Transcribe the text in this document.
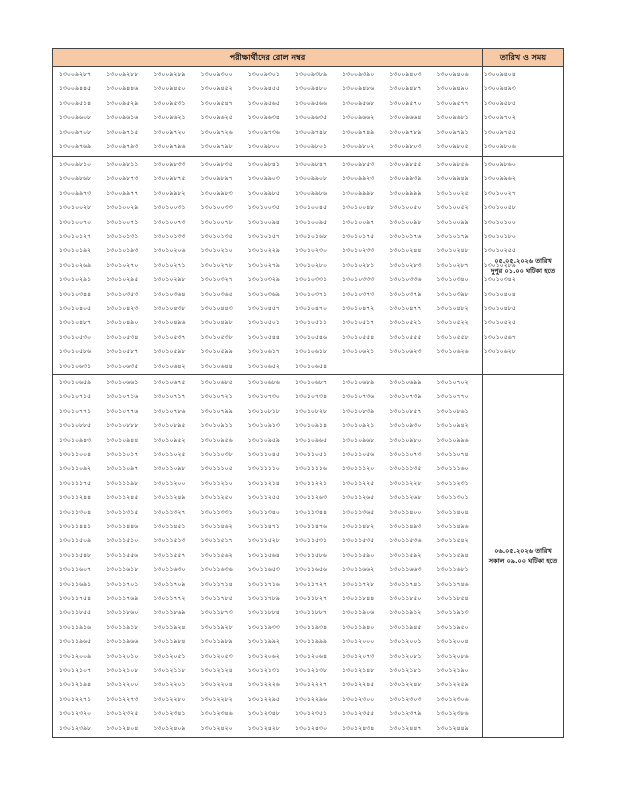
পরীক্ষার্থীদের রোল নম্বর	তারিখ ও সময়
১৩০০৯২৮৭	১৩০০৯২৮৮	১৩০০৯২৮৯	১৩০০৯৩০০	১৩০০৯৩০১	১৩০০৯৩৮৯	১৩০০৯৩৯০	১৩০০৯৪০৩	১৩০০৯৪০৬	১৩০০৯৪০৪
১৩০০৯৪৪৫	১৩০০৯৪৪৬	১৩০০৯৪৫০	১৩০০৯৪৫২	১৩০০৯৪৫৫	১৩০০৯৪৮০	১৩০০৯৪৮৬	১৩০০৯৪৮৭	১৩০০৯৪৯০	১৩০০৯৪৯৩
১৩০০৯৫১৪	১৩০০৯৫২৯	১৩০০৯৫৩১	১৩০০৯৫৪৭	১৩০০৯৫৬৫	১৩০০৯৫৬৬	১৩০০৯৫৬৮	১৩০০৯৫৭০	১৩০০৯৫৭৭	১৩০০৯৫৮৫
১৩০০৯৬০৮	১৩০০৯৬১৬	১৩০০৯৬২১	১৩০০৯৬২৫	১৩০০৯৬৩৪	১৩০০৯৬৩৫	১৩০০৯৬৬২	১৩০০৯৬৬৪	১৩০০৯৬৮১	১৩০০৯৭০২
১৩০০৯৭০৮	১৩০০৯৭১৫	১৩০০৯৭২০	১৩০০৯৭২৬	১৩০০৯৭৩৬	১৩০০৯৭৪৮	১৩০০৯৭৪৯	১৩০০৯৭৮৯	১৩০০৯৭৯১	১৩০০৯৭৫৫
১৩০০৯৭৬৯	১৩০০৯৭৯৩	১৩০০৯৭৯৬	১৩০০৯৭৯৮	১৩০০৯৮০০	১৩০০৯৮০১	১৩০০৯৮০২	১৩০০৯৮০৩	১৩০০৯৮০৫	১৩০০৯৮০৬
১৩০০৯৮১০	১৩০০৯৮১১	১৩০০৯৮৩৩	১৩০০৯৮৩৫	১৩০০৯৮৪১	১৩০০৯৮৪৭	১৩০০৯৮৫৩	১৩০০৯৮৫৫	১৩০০৯৮৫৬	১৩০০৯৮৬০
১৩০০৯৮৬৮	১৩০০৯৮৭৩	১৩০০৯৮৭৫	১৩০০৯৮৯৭	১৩০০৯৯০৩	১৩০০৯৯০৮	১৩০০৯৯২৩	১৩০০৯৯৩৯	১৩০০৯৯৪৯	১৩০০৯৯৬২
১৩০০৯৯৭৩	১৩০০৯৯৭৭	১৩০০৯৯৮২	১৩০০৯৯৮৩	১৩০০৯৯৮৫	১৩০০৯৯৮৬	১৩০০৯৯৯৮	১৩০০৯৯৯৯	১৩০১০০২৫	১৩০১০০২৭
১৩০১০০২৮	১৩০১০০২৯	১৩০১০০৩১	১৩০১০০৩৩	১৩০১০০৩৫	১৩০১০০৪৫	১৩০১০০৪৮	১৩০১০০৫০	১৩০১০০৫২	১৩০১০০৫৮
১৩০১০০৭০	১৩০১০০৭১	১৩০১০০৭৩	১৩০১০০৭৮	১৩০১০০৯৪	১৩০১০০৯৫	১৩০১০০৯৭	১৩০১০০৯৮	১৩০১০০৯৯	১৩০১০১০০
১৩০১০১২৭	১৩০১০১৩১	১৩০১০১৩৩	১৩০১০১৩৫	১৩০১০১৫৭	১৩০১০১৬৮	১৩০১০১৭৫	১৩০১০১৭৬	১৩০১০১৭৯	১৩০১০১৮০
১৩০১০১৯২	১৩০১০১৯৩	১৩০১০২০৬	১৩০১০২১০	১৩০১০২২৯	১৩০১০২৩০	১৩০১০২৩৩	১৩০১০২৪৪	১৩০১০২৪৮	১৩০১০২৫৫
১৩০১০২৬৯	১৩০১০২৭০	১৩০১০২৭১	১৩০১০২৭৮	১৩০১০২৭৯	১৩০১০২৮০	১৩০১০২৮১	১৩০১০২৮৩	১৩০১০২৮৭	১৩০১০২৮৯
১৩০১০২৯১	১৩০১০২৯৫	১৩০১০২৯৮	১৩০১০৩২৭	১৩০১০৩২৯	১৩০১০৩৩১	১৩০১০৩৩৩	১৩০১০৩৩৬	১৩০১০৩৪০	১৩০১০৩৪২
১৩০১০৩৪৪	১৩০১০৩৫৩	১৩০১০৩৬৪	১৩০১০৩৬৫	১৩০১০৩৬৯	১৩০১০৩৭১	১৩০১০৩৭৩	১৩০১০৩৭৯	১৩০১০৩৯৮	১৩০১০৪০৪
১৩০১০৪০৫	১৩০১০৪২৩	১৩০১০৪৩৮	১৩০১০৪৪৩	১৩০১০৪৫৭	১৩০১০৪৭০	১৩০১০৪৭২	১৩০১০৪৭৭	১৩০১০৪৮২	১৩০১০৪৮৫
১৩০১০৪৮৭	১৩০১০৪৯০	১৩০১০৪৯৬	১৩০১০৪৯৮	১৩০১০৫০১	১৩০১০৫১১	১৩০১০৫১৭	১৩০১০৫২১	১৩০১০৫২২	১৩০১০৫২৫
১৩০১০৫৩০	১৩০১০৫৩৪	১৩০১০৫৩৭	১৩০১০৫৩৮	১৩০১০৫৪৪	১৩০১০৫৪৬	১৩০১০৫৫৪	১৩০১০৫৫৫	১৩০১০৫৫৮	১৩০১০৫৬৭
১৩০১০৫৮৬	১৩০১০৫৮৭	১৩০১০৫৯৮	১৩০১০৫৯৯	১৩০১০৬১৭	১৩০১০৬১৮	১৩০১০৬২১	১৩০১০৬২৩	১৩০১০৬২৬	১৩০১০৬২৮
১৩০১০৬৩১	১৩০১০৬৩৫	১৩০১০৬৪২	১৩০১০৬৪৪	১৩০১০৬৫২	১৩০১০৬৫৪
০৫.০৫.২০২৬ তারিখ
দুপুর ০১.০০ ঘটিকা হতে
১৩০১০৬৫৯	১৩০১০৬৬১	১৩০১০৬৭৫	১৩০১০৬৮৫	১৩০১০৬৮৬	১৩০১০৬৮৭	১৩০১০৬৮৯	১৩০১০৬৯৯	১৩০১০৭০২
১৩০১০৭১৫	১৩০১০৭১৬	১৩০১০৭১৭	১৩০১০৭২১	১৩০১০৭৩০	১৩০১০৭৩৪	১৩০১০৭৩৬	১৩০১০৭৩৯	১৩০১০৭৭০
১৩০১০৭৭১	১৩০১০৭৭৬	১৩০১০৭৮৬	১৩০১০৭৯৯	১৩০১০৮১৮	১৩০১০৮২৮	১৩০১০৮৩৯	১৩০১০৮৫৭	১৩০১০৮৬১
১৩০১০৮৮৫	১৩০১০৮৮৮	১৩০১০৮৯৫	১৩০১০৯১১	১৩০১০৯১৩	১৩০১০৯১৪	১৩০১০৯২১	১৩০১০৯৩০	১৩০১০৯৪২
১৩০১০৯৪৩	১৩০১০৯৪৪	১৩০১০৯৫২	১৩০১০৯৫৬	১৩০১০৯৫৯	১৩০১০৯৬৫	১৩০১০৯৬৮	১৩০১০৯৮০	১৩০১০৯৯৬
১৩০১১০০৪	১৩০১১০১৭	১৩০১১০২৫	১৩০১১০৩৮	১৩০১১০৪৫	১৩০১১০৫১	১৩০১১০৫৬	১৩০১১০৭৩	১৩০১১০৭৪
১৩০১১০৯২	১৩০১১০৯৭	১৩০১১০৯৮	১৩০১১১০৫	১৩০১১১১০	১৩০১১১১৬	১৩০১১১২০	১৩০১১১৩৫	১৩০১১১৬০
১৩০১১১৭৫	১৩০১১১৯৮	১৩০১১২০০	১৩০১১২১০	১৩০১১২১৪	১৩০১১২২১	১৩০১১২২৫	১৩০১১২২৮	১৩০১১২৩১
১৩০১১২৪৪	১৩০১১২৪৫	১৩০১১২৪৯	১৩০১১২৫০	১৩০১১২৫৫	১৩০১১২৬৩	১৩০১১২৬৫	১৩০১১২৬৮	১৩০১১৩০১
১৩০১১৩০৪	১৩০১১৩১৫	১৩০১১৩২৭	১৩০১১৩৩১	১৩০১১৩৪০	১৩০১১৩৪৪	১৩০১১৩৬৫	১৩০১১৪০০	১৩০১১৪০৪
১৩০১১৪৪১	১৩০১১৪৪৬	১৩০১১৪৫১	১৩০১১৪৬২	১৩০১১৪৭১	১৩০১১৪৭৬	১৩০১১৪৮২	১৩০১১৪৯৩	১৩০১১৪৯৬
১৩০১১৫০৯	১৩০১১৫১০	১৩০১১৫১৩	১৩০১১৫১৭	১৩০১১৫২৮	১৩০১১৫৩১	১৩০১১৫৩৫	১৩০১১৫৩৬	১৩০১১৫৪২
১৩০১১৫৪৮	১৩০১১৫৫৬	১৩০১১৫৫৭	১৩০১১৫৬২	১৩০১১৫৬৪	১৩০১১৫৮৬	১৩০১১৫৯০	১৩০১১৫৯২	১৩০১১৫৯৪
১৩০১১৬০৭	১৩০১১৬১৮	১৩০১১৬৩০	১৩০১১৬৩৬	১৩০১১৬৫৩	১৩০১১৬৫৬	১৩০১১৬৬২	১৩০১১৬৬৩	১৩০১১৬৮১
১৩০১১৬৯১	১৩০১১৭০১	১৩০১১৭০৯	১৩০১১৭১৪	১৩০১১৭১৬	১৩০১১৭২৭	১৩০১১৭২৮	১৩০১১৭৪১	১৩০১১৭৪৬
১৩০১১৭৫৪	১৩০১১৭৬৯	১৩০১১৭৭২	১৩০১১৭৮৫	১৩০১১৭৮৯	১৩০১১৮২৭	১৩০১১৮৪৪	১৩০১১৮৫০	১৩০১১৮৫৪
১৩০১১৮৫৫	১৩০১১৮৬০	১৩০১১৮৬৯	১৩০১১৮৭৩	১৩০১১৮৮৪	১৩০১১৮৮৭	১৩০১১৯০৬	১৩০১১৯১২	১৩০১১৯১৩
১৩০১১৯১৬	১৩০১১৯১৮	১৩০১১৯২৪	১৩০১১৯২৮	১৩০১১৯৩৩	১৩০১১৯৩৪	১৩০১১৯৪০	১৩০১১৯৪৫	১৩০১১৯৫০
১৩০১১৯৬৫	১৩০১১৯৬৬	১৩০১১৯৮৪	১৩০১১৯৮৯	১৩০১১৯৯২	১৩০১১৯৯৯	১৩০১২০০০	১৩০১২০০১	১৩০১২০০৪
১৩০১২০০৯	১৩০১২০১০	১৩০১২০৫১	১৩০১২০৫৩	১৩০১২০৬২	১৩০১২০৬৪	১৩০১২০৭৩	১৩০১২০৮১	১৩০১২০৮৬
১৩০১২১০৭	১৩০১২১০৮	১৩০১২১১৮	১৩০১২১২৪	১৩০১২১৩১	১৩০১২১৩৮	১৩০১২১৪৮	১৩০১২১৮১	১৩০১২১৯০
১৩০১২১৯৪	১৩০১২২০০	১৩০১২২০১	১৩০১২২০৪	১৩০১২২২৬	১৩০১২২২৭	১৩০১২২৪৫	১৩০১২২৪৮	১৩০১২২৫৯
১৩০১২২৭১	১৩০১২২৭৩	১৩০১২২৮০	১৩০১২২৮২	১৩০১২২৯৫	১৩০১২২৯৬	১৩০১২৩০০	১৩০১২৩০৩	১৩০১২৩০৬
১৩০১২৩২০	১৩০১২৩২৫	১৩০১২৩৪১	১৩০১২৩৪৬	১৩০১২৩৪৮	১৩০১২৩৫১	১৩০১২৩৫৫	১৩০১২৩৭৯	১৩০১২৩৮৬
১৩০১২৩৯৮	১৩০১২৪০৪	১৩০১২৪০৯	১৩০১২৪২০	১৩০১২৪২৮	১৩০১২৪৩০	১৩০১২৪৩৪	১৩০১২৪৪৭	১৩০১২৪৪৯
০৬.০৫.২০২৬ তারিখ
সকাল ০৯.০০ ঘটিকা হতে
